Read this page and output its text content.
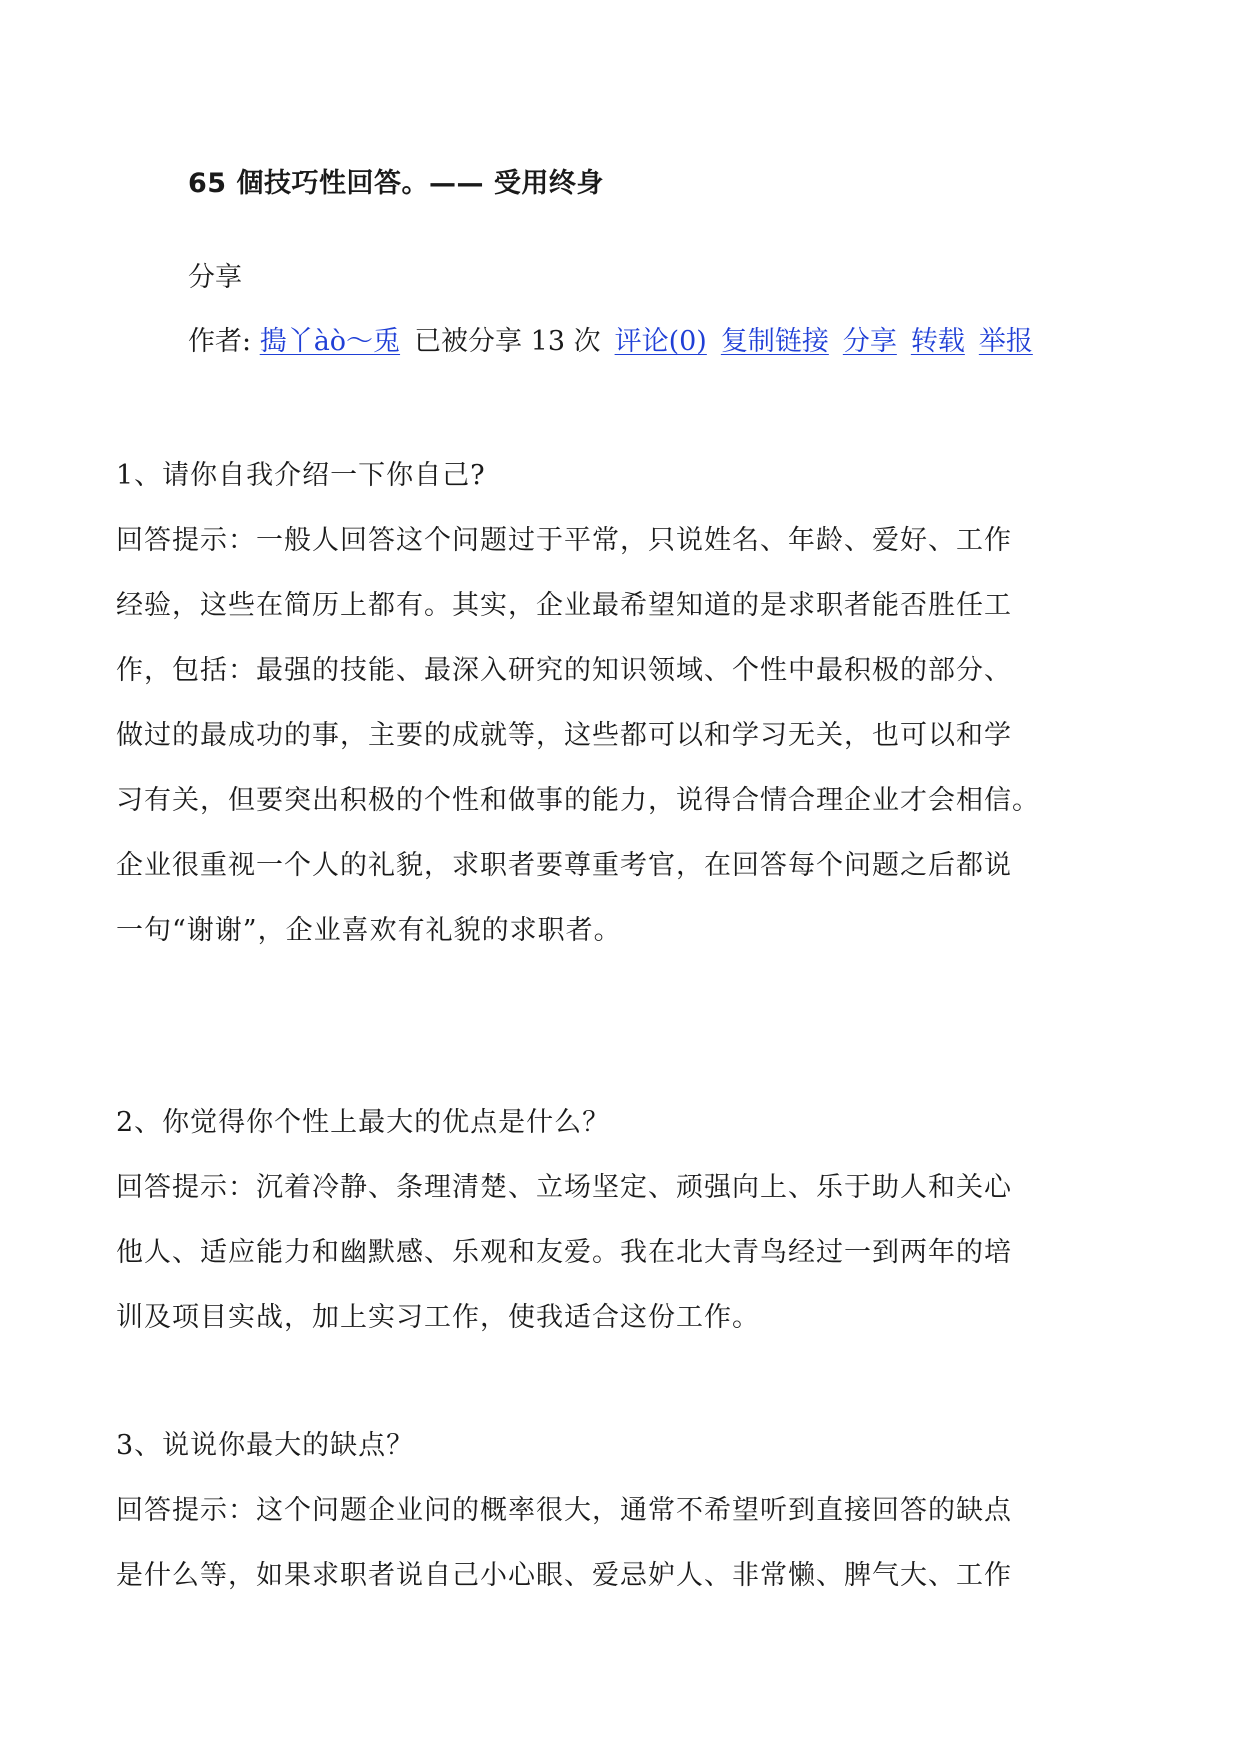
65 個技巧性回答。—— 受用终身
分享
作者: 搗丫àò〜兎 已被分享 13 次 评论(0) 复制链接 分享 转载 举报

1、请你自我介绍一下你自己?

回答提示：一般人回答这个问题过于平常，只说姓名、年龄、爱好、工作

经验，这些在简历上都有。其实，企业最希望知道的是求职者能否胜任工

作，包括：最强的技能、最深入研究的知识领域、个性中最积极的部分、

做过的最成功的事，主要的成就等，这些都可以和学习无关，也可以和学

习有关，但要突出积极的个性和做事的能力，说得合情合理企业才会相信。

企业很重视一个人的礼貌，求职者要尊重考官，在回答每个问题之后都说

一句“谢谢”，企业喜欢有礼貌的求职者。

2、你觉得你个性上最大的优点是什么？

回答提示：沉着冷静、条理清楚、立场坚定、顽强向上、乐于助人和关心

他人、适应能力和幽默感、乐观和友爱。我在北大青鸟经过一到两年的培

训及项目实战，加上实习工作，使我适合这份工作。

3、说说你最大的缺点？

回答提示：这个问题企业问的概率很大，通常不希望听到直接回答的缺点

是什么等，如果求职者说自己小心眼、爱忌妒人、非常懒、脾气大、工作
